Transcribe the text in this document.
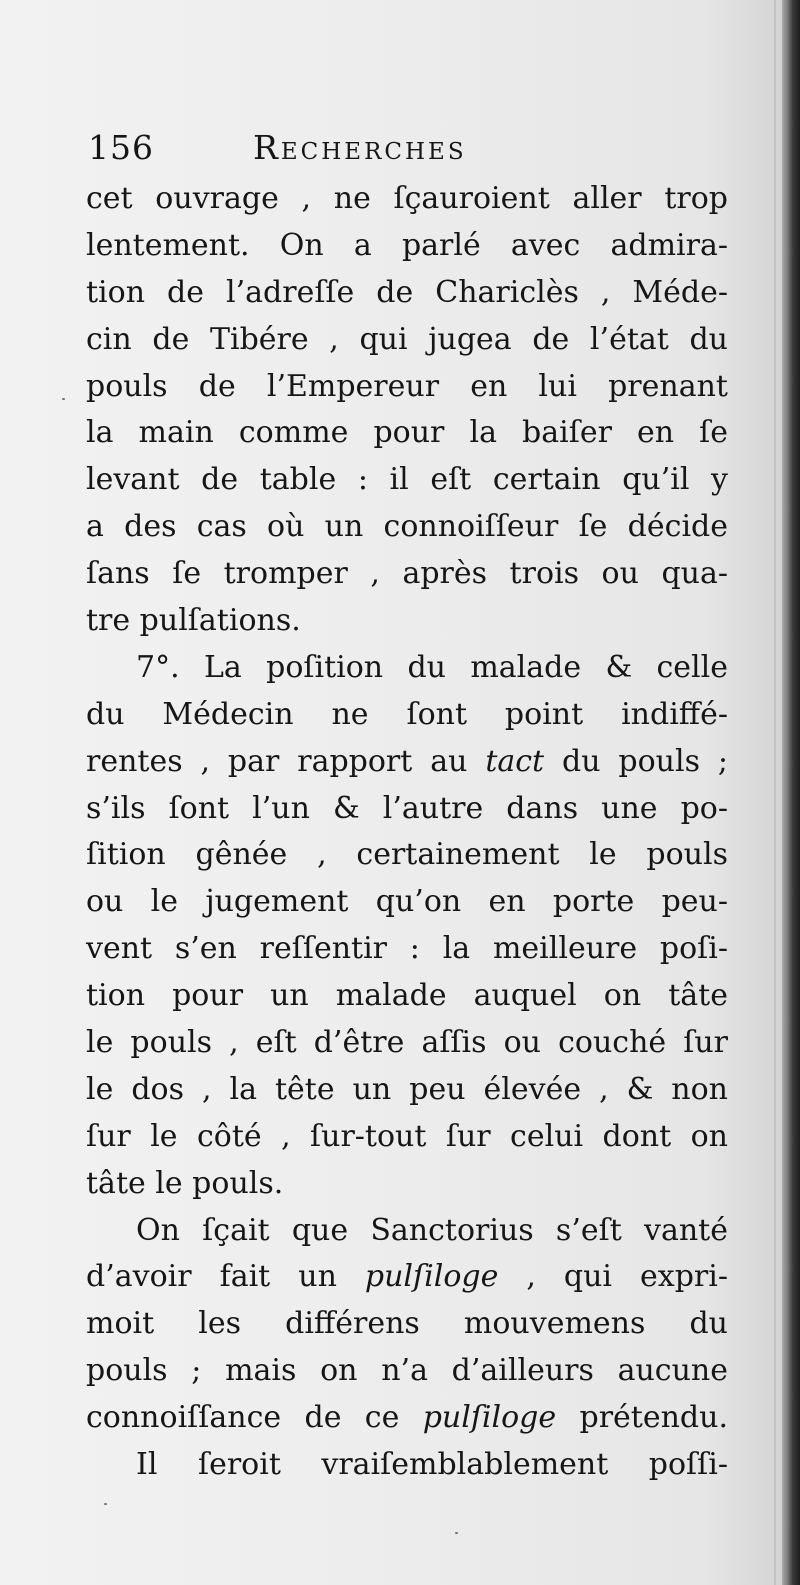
156	Recherches
cet ouvrage , ne ſçauroient aller trop
lentement. On a parlé avec admira-
tion de l’adreſſe de Chariclès , Méde-
cin de Tibére , qui jugea de l’état du
pouls de l’Empereur en lui prenant
la main comme pour la baiſer en ſe
levant de table : il eſt certain qu’il y
a des cas où un connoiſſeur ſe décide
ſans ſe tromper , après trois ou qua-
tre pulſations.
7°. La poſition du malade & celle
du Médecin ne ſont point indiffé-
rentes , par rapport au tact du pouls ;
s’ils ſont l’un & l’autre dans une po-
ſition gênée , certainement le pouls
ou le jugement qu’on en porte peu-
vent s’en reſſentir : la meilleure poſi-
tion pour un malade auquel on tâte
le pouls , eſt d’être aſſis ou couché ſur
le dos , la tête un peu élevée , & non
ſur le côté , ſur-tout ſur celui dont on
tâte le pouls.
On ſçait que Sanctorius s’eſt vanté
d’avoir fait un pulſiloge , qui expri-
moit les différens mouvemens du
pouls ; mais on n’a d’ailleurs aucune
connoiſſance de ce pulſiloge prétendu.
Il ſeroit vraiſemblablement poſſi-
